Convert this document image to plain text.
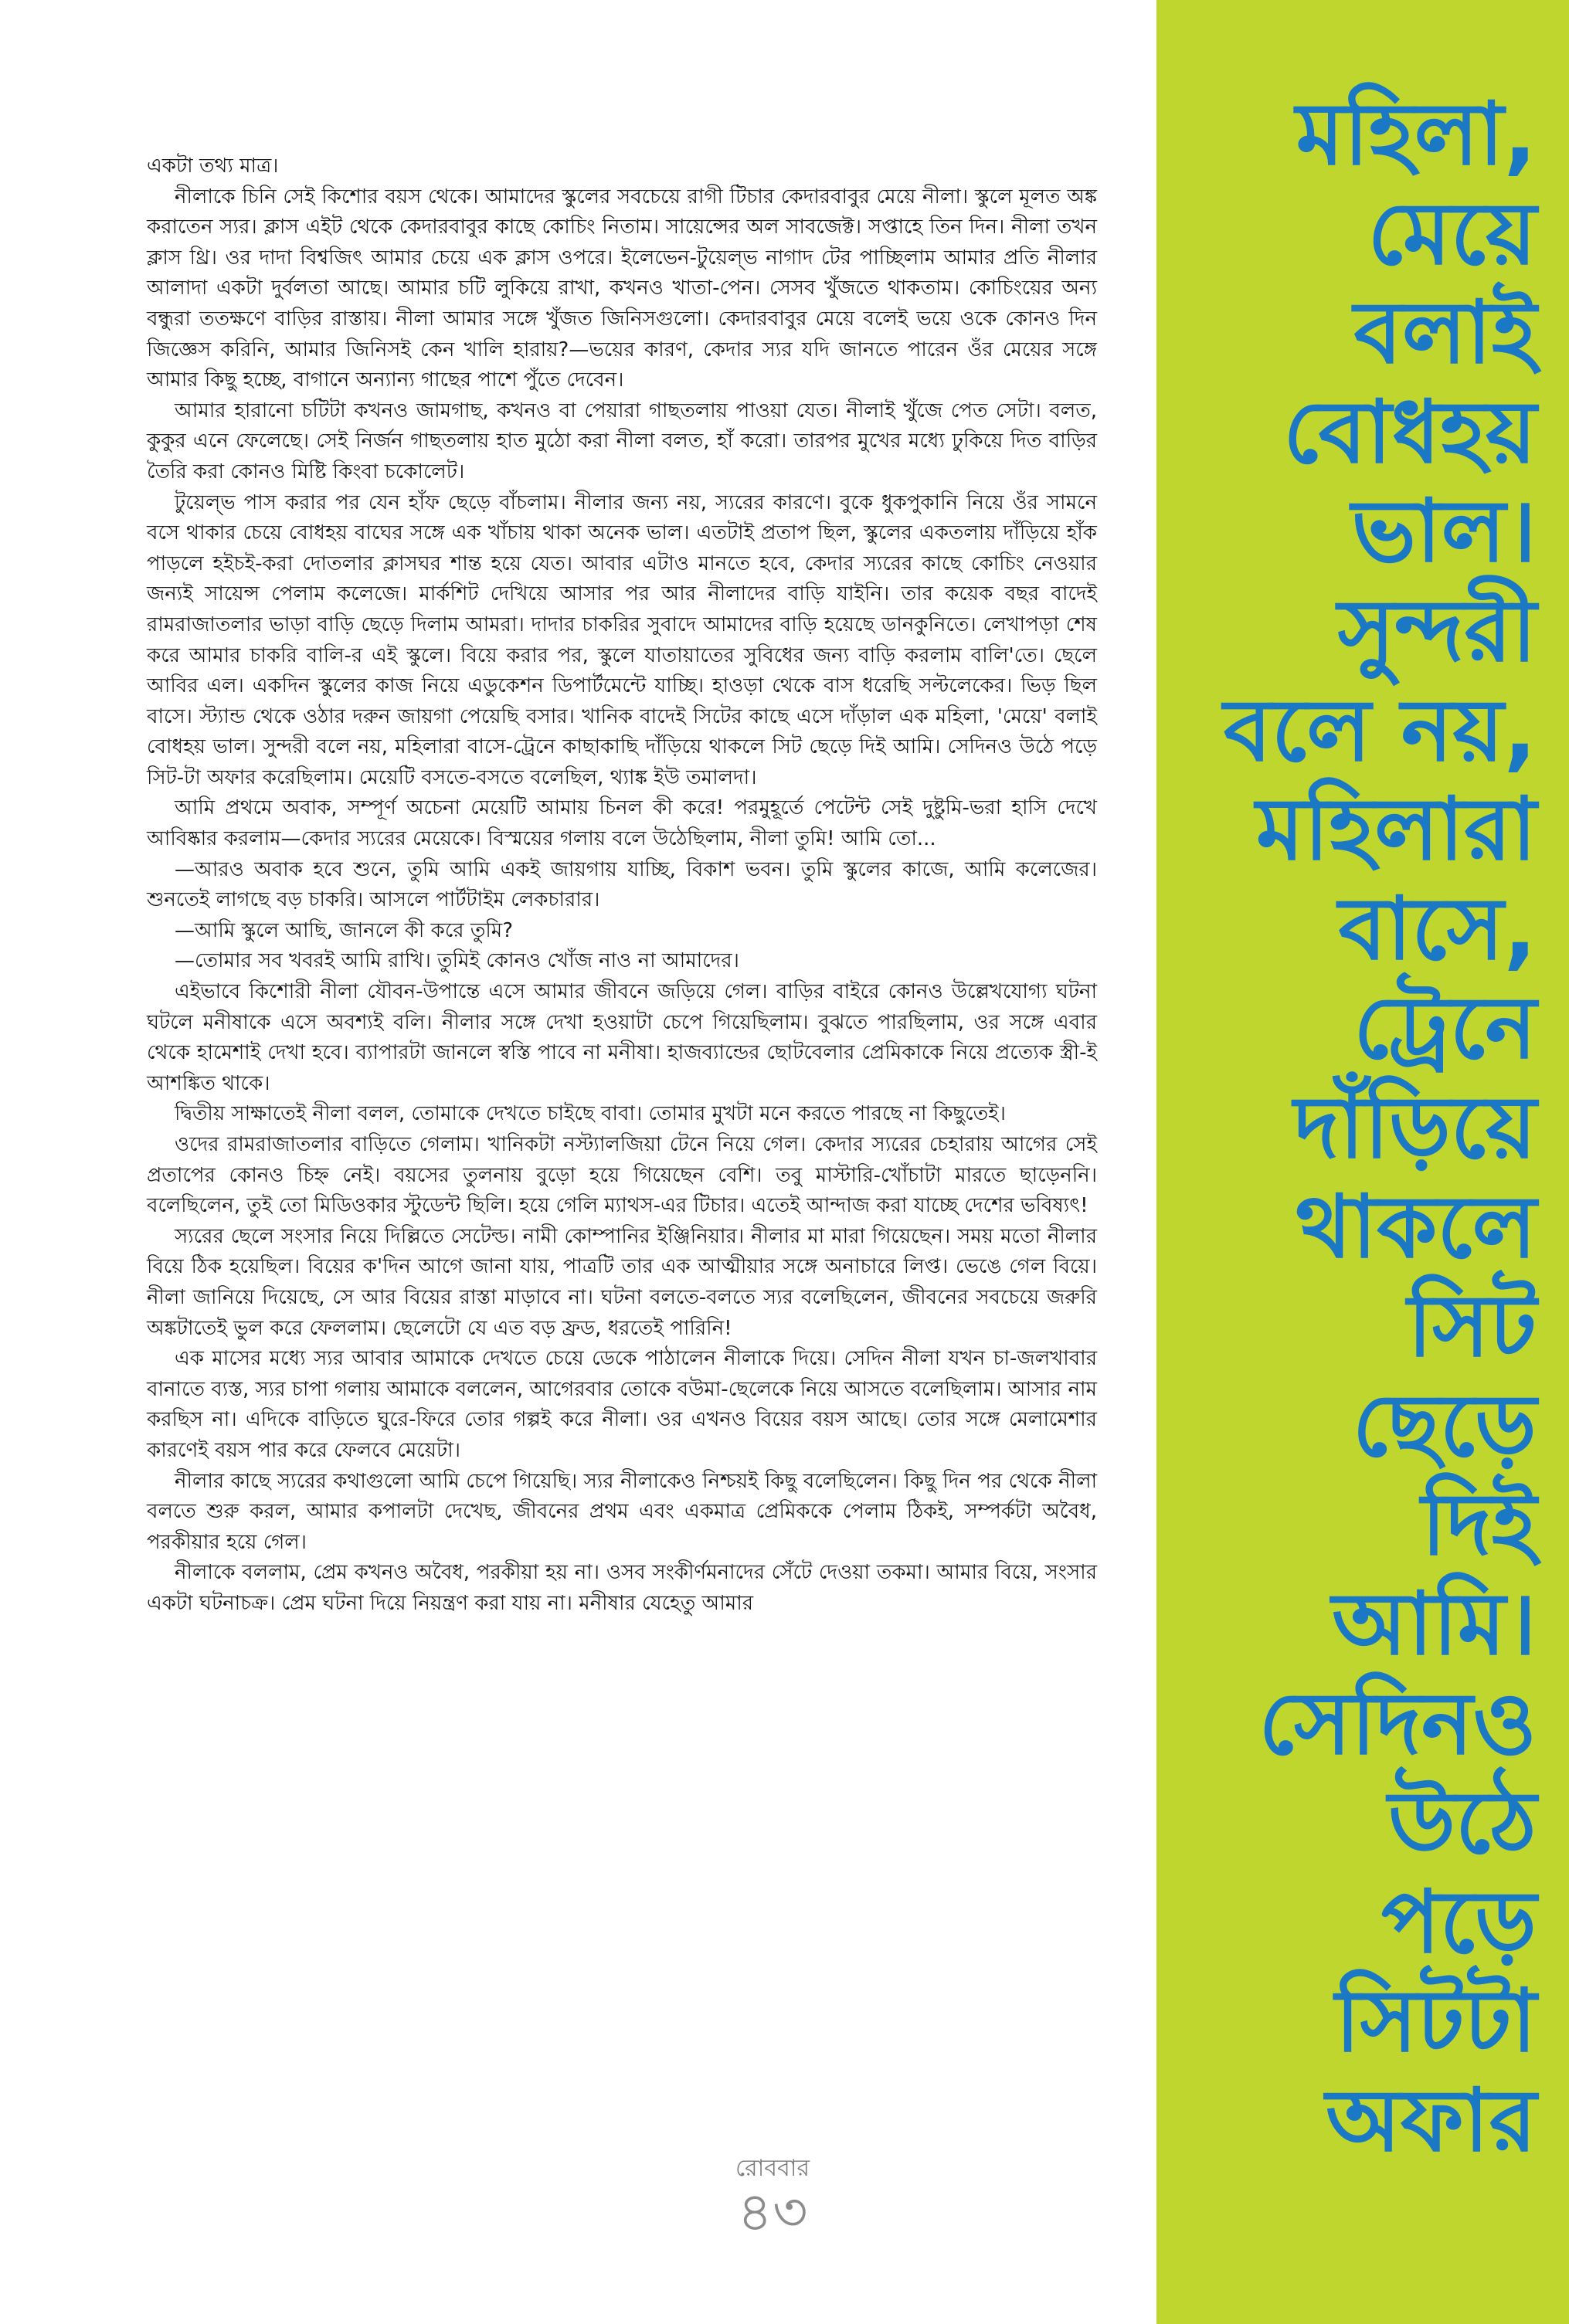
একটা তথ্য মাত্র।

নীলাকে চিনি সেই কিশোর বয়স থেকে। আমাদের স্কুলের সবচেয়ে রাগী টিচার কেদারবাবুর মেয়ে নীলা। স্কুলে মূলত অঙ্ক করাতেন স্যর। ক্লাস এইট থেকে কেদারবাবুর কাছে কোচিং নিতাম। সায়েন্সের অল সাবজেক্ট। সপ্তাহে তিন দিন। নীলা তখন ক্লাস থ্রি। ওর দাদা বিশ্বজিৎ আমার চেয়ে এক ক্লাস ওপরে। ইলেভেন-টুয়েল্ভ নাগাদ টের পাচ্ছিলাম আমার প্রতি নীলার আলাদা একটা দুর্বলতা আছে। আমার চটি লুকিয়ে রাখা, কখনও খাতা-পেন। সেসব খুঁজতে থাকতাম। কোচিংয়ের অন্য বন্ধুরা ততক্ষণে বাড়ির রাস্তায়। নীলা আমার সঙ্গে খুঁজত জিনিসগুলো। কেদারবাবুর মেয়ে বলেই ভয়ে ওকে কোনও দিন জিজ্ঞেস করিনি, আমার জিনিসই কেন খালি হারায়?—ভয়ের কারণ, কেদার স্যর যদি জানতে পারেন ওঁর মেয়ের সঙ্গে আমার কিছু হচ্ছে, বাগানে অন্যান্য গাছের পাশে পুঁতে দেবেন।

আমার হারানো চটিটা কখনও জামগাছ, কখনও বা পেয়ারা গাছতলায় পাওয়া যেত। নীলাই খুঁজে পেত সেটা। বলত, কুকুর এনে ফেলেছে। সেই নির্জন গাছতলায় হাত মুঠো করা নীলা বলত, হাঁ করো। তারপর মুখের মধ্যে ঢুকিয়ে দিত বাড়ির তৈরি করা কোনও মিষ্টি কিংবা চকোলেট।

টুয়েল্ভ পাস করার পর যেন হাঁফ ছেড়ে বাঁচলাম। নীলার জন্য নয়, স্যরের কারণে। বুকে ধুকপুকানি নিয়ে ওঁর সামনে বসে থাকার চেয়ে বোধহয় বাঘের সঙ্গে এক খাঁচায় থাকা অনেক ভাল। এতটাই প্রতাপ ছিল, স্কুলের একতলায় দাঁড়িয়ে হাঁক পাড়লে হইচই-করা দোতলার ক্লাসঘর শান্ত হয়ে যেত। আবার এটাও মানতে হবে, কেদার স্যরের কাছে কোচিং নেওয়ার জন্যই সায়েন্স পেলাম কলেজে। মার্কশিট দেখিয়ে আসার পর আর নীলাদের বাড়ি যাইনি। তার কয়েক বছর বাদেই রামরাজাতলার ভাড়া বাড়ি ছেড়ে দিলাম আমরা। দাদার চাকরির সুবাদে আমাদের বাড়ি হয়েছে ডানকুনিতে। লেখাপড়া শেষ করে আমার চাকরি বালি-র এই স্কুলে। বিয়ে করার পর, স্কুলে যাতায়াতের সুবিধের জন্য বাড়ি করলাম বালি'তে। ছেলে আবির এল। একদিন স্কুলের কাজ নিয়ে এডুকেশন ডিপার্টমেন্টে যাচ্ছি। হাওড়া থেকে বাস ধরেছি সল্টলেকের। ভিড় ছিল বাসে। স্ট্যান্ড থেকে ওঠার দরুন জায়গা পেয়েছি বসার। খানিক বাদেই সিটের কাছে এসে দাঁড়াল এক মহিলা, 'মেয়ে' বলাই বোধহয় ভাল। সুন্দরী বলে নয়, মহিলারা বাসে-ট্রেনে কাছাকাছি দাঁড়িয়ে থাকলে সিট ছেড়ে দিই আমি। সেদিনও উঠে পড়ে সিট-টা অফার করেছিলাম। মেয়েটি বসতে-বসতে বলেছিল, থ্যাঙ্ক ইউ তমালদা।

আমি প্রথমে অবাক, সম্পূর্ণ অচেনা মেয়েটি আমায় চিনল কী করে! পরমুহূর্তে পেটেন্ট সেই দুষ্টুমি-ভরা হাসি দেখে আবিষ্কার করলাম—কেদার স্যরের মেয়েকে। বিস্ময়ের গলায় বলে উঠেছিলাম, নীলা তুমি! আমি তো...

—আরও অবাক হবে শুনে, তুমি আমি একই জায়গায় যাচ্ছি, বিকাশ ভবন। তুমি স্কুলের কাজে, আমি কলেজের। শুনতেই লাগছে বড় চাকরি। আসলে পার্টটাইম লেকচারার।

—আমি স্কুলে আছি, জানলে কী করে তুমি?

—তোমার সব খবরই আমি রাখি। তুমিই কোনও খোঁজ নাও না আমাদের।

এইভাবে কিশোরী নীলা যৌবন-উপান্তে এসে আমার জীবনে জড়িয়ে গেল। বাড়ির বাইরে কোনও উল্লেখযোগ্য ঘটনা ঘটলে মনীষাকে এসে অবশ্যই বলি। নীলার সঙ্গে দেখা হওয়াটা চেপে গিয়েছিলাম। বুঝতে পারছিলাম, ওর সঙ্গে এবার থেকে হামেশাই দেখা হবে। ব্যাপারটা জানলে স্বস্তি পাবে না মনীষা। হাজব্যান্ডের ছোটবেলার প্রেমিকাকে নিয়ে প্রত্যেক স্ত্রী-ই আশঙ্কিত থাকে।

দ্বিতীয় সাক্ষাতেই নীলা বলল, তোমাকে দেখতে চাইছে বাবা। তোমার মুখটা মনে করতে পারছে না কিছুতেই।

ওদের রামরাজাতলার বাড়িতে গেলাম। খানিকটা নস্ট্যালজিয়া টেনে নিয়ে গেল। কেদার স্যরের চেহারায় আগের সেই প্রতাপের কোনও চিহ্ন নেই। বয়সের তুলনায় বুড়ো হয়ে গিয়েছেন বেশি। তবু মাস্টারি-খোঁচাটা মারতে ছাড়েননি। বলেছিলেন, তুই তো মিডিওকার স্টুডেন্ট ছিলি। হয়ে গেলি ম্যাথস-এর টিচার। এতেই আন্দাজ করা যাচ্ছে দেশের ভবিষ্যৎ!

স্যরের ছেলে সংসার নিয়ে দিল্লিতে সেটেল্ড। নামী কোম্পানির ইঞ্জিনিয়ার। নীলার মা মারা গিয়েছেন। সময় মতো নীলার বিয়ে ঠিক হয়েছিল। বিয়ের ক'দিন আগে জানা যায়, পাত্রটি তার এক আত্মীয়ার সঙ্গে অনাচারে লিপ্ত। ভেঙে গেল বিয়ে। নীলা জানিয়ে দিয়েছে, সে আর বিয়ের রাস্তা মাড়াবে না। ঘটনা বলতে-বলতে স্যর বলেছিলেন, জীবনের সবচেয়ে জরুরি অঙ্কটাতেই ভুল করে ফেললাম। ছেলেটো যে এত বড় ফ্রড, ধরতেই পারিনি!

এক মাসের মধ্যে স্যর আবার আমাকে দেখতে চেয়ে ডেকে পাঠালেন নীলাকে দিয়ে। সেদিন নীলা যখন চা-জলখাবার বানাতে ব্যস্ত, স্যর চাপা গলায় আমাকে বললেন, আগেরবার তোকে বউমা-ছেলেকে নিয়ে আসতে বলেছিলাম। আসার নাম করছিস না। এদিকে বাড়িতে ঘুরে-ফিরে তোর গল্পই করে নীলা। ওর এখনও বিয়ের বয়স আছে। তোর সঙ্গে মেলামেশার কারণেই বয়স পার করে ফেলবে মেয়েটা।

নীলার কাছে স্যরের কথাগুলো আমি চেপে গিয়েছি। স্যর নীলাকেও নিশ্চয়ই কিছু বলেছিলেন। কিছু দিন পর থেকে নীলা বলতে শুরু করল, আমার কপালটা দেখেছ, জীবনের প্রথম এবং একমাত্র প্রেমিককে পেলাম ঠিকই, সম্পর্কটা অবৈধ, পরকীয়ার হয়ে গেল।

নীলাকে বললাম, প্রেম কখনও অবৈধ, পরকীয়া হয় না। ওসব সংকীর্ণমনাদের সেঁটে দেওয়া তকমা। আমার বিয়ে, সংসার একটা ঘটনাচক্র। প্রেম ঘটনা দিয়ে নিয়ন্ত্রণ করা যায় না। মনীষার যেহেতু আমার

মহিলা,
মেয়ে
বলাই
বোধহয়
ভাল।
সুন্দরী
বলে নয়,
মহিলারা
বাসে,
ট্রেনে
দাঁড়িয়ে
থাকলে
সিট
ছেড়ে
দিই
আমি।
সেদিনও
উঠে
পড়ে
সিটটা
অফার
রোববার
৪৩
